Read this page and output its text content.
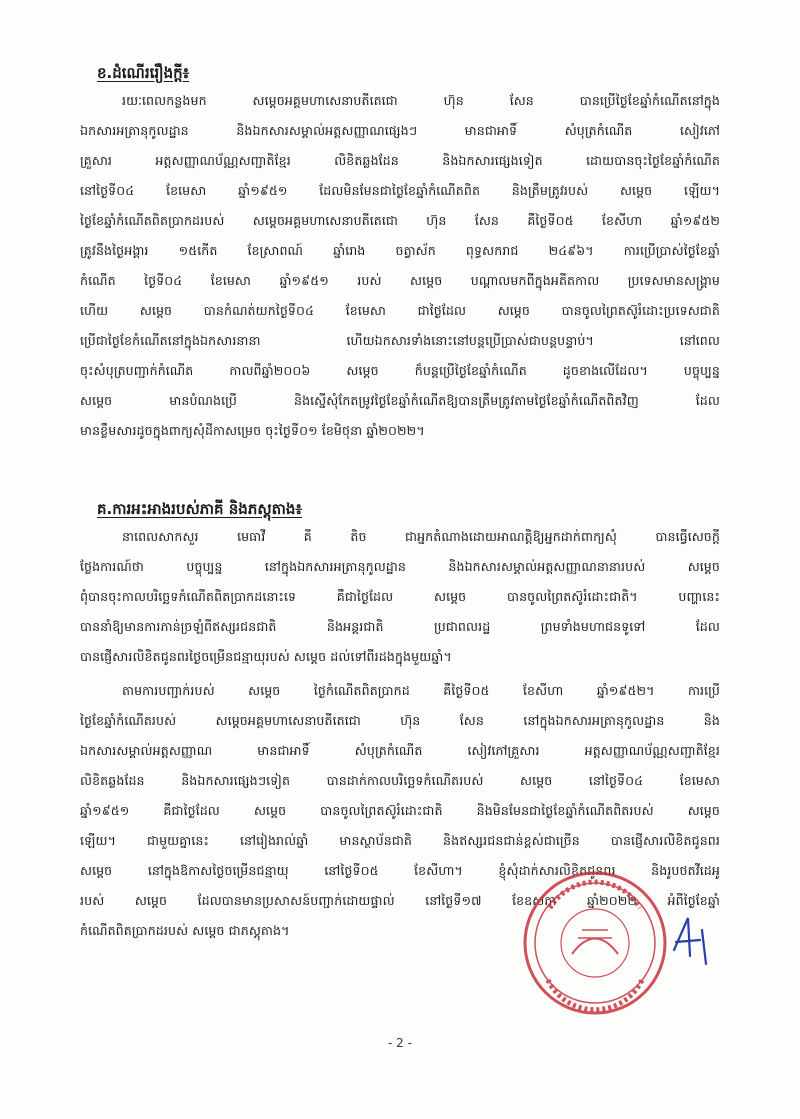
ខ.ដំណើររឿងក្តី៖
រយៈពេលកន្លងមក សម្តេចអគ្គមហាសេនាបតីតេជោ ហ៊ុន សែន បានប្រើថ្ងៃខែឆ្នាំកំណើតនៅក្នុង
ឯកសារអត្រានុកូលដ្ឋាន និងឯកសារសម្គាល់អត្តសញ្ញាណផ្សេងៗ មានជាអាទិ៍ សំបុត្រកំណើត សៀវភៅ
គ្រួសារ អត្តសញ្ញាណប័ណ្ណសញ្ជាតិខ្មែរ លិខិតឆ្លងដែន និងឯកសារផ្សេងទៀត ដោយបានចុះថ្ងៃខែឆ្នាំកំណើត
នៅថ្ងៃទី០៤ ខែមេសា ឆ្នាំ១៩៥១ ដែលមិនមែនជាថ្ងៃខែឆ្នាំកំណើតពិត និងត្រឹមត្រូវរបស់ សម្តេច ឡើយ។
ថ្ងៃខែឆ្នាំកំណើតពិតប្រាកដរបស់ សម្តេចអគ្គមហាសេនាបតីតេជោ ហ៊ុន សែន គឺថ្ងៃទី០៥ ខែសីហា ឆ្នាំ១៩៥២
ត្រូវនឹងថ្ងៃអង្គារ ១៥កើត ខែស្រាពណ៍ ឆ្នាំរោង ចត្វាស័ក ពុទ្ធសករាជ ២៤៩៦។ ការប្រើប្រាស់ថ្ងៃខែឆ្នាំ
កំណើត ថ្ងៃទី០៤ ខែមេសា ឆ្នាំ១៩៥១ របស់ សម្តេច បណ្តាលមកពីក្នុងអតីតកាល ប្រទេសមានសង្គ្រាម
ហើយ សម្តេច បានកំណត់យកថ្ងៃទី០៤ ខែមេសា ជាថ្ងៃដែល សម្តេច បានចូលព្រៃតស៊ូរំដោះប្រទេសជាតិ
ប្រើជាថ្ងៃខែកំណើតនៅក្នុងឯកសារនានា ហើយឯកសារទាំងនោះនៅបន្តប្រើប្រាស់ជាបន្តបន្ទាប់។ នៅពេល
ចុះសំបុត្របញ្ជាក់កំណើត កាលពីឆ្នាំ២០០៦ សម្តេច ក៏បន្តប្រើថ្ងៃខែឆ្នាំកំណើត ដូចខាងលើដែល។ បច្ចុប្បន្ន
សម្តេច មានបំណងប្រើ និងស្នើសុំកែតម្រូវថ្ងៃខែឆ្នាំកំណើតឱ្យបានត្រឹមត្រូវតាមថ្ងៃខែឆ្នាំកំណើតពិតវិញ ដែល
មានខ្លឹមសារដូចក្នុងពាក្យសុំដីកាសម្រេច ចុះថ្ងៃទី០១ ខែមិថុនា ឆ្នាំ២០២២។
គ.ការអះអាងរបស់ភាគី និងភស្តុតាង៖
នាពេលសាកសួរ មេធាវី គី តិច ជាអ្នកតំណាងដោយអាណត្តិឱ្យអ្នកដាក់ពាក្យសុំ បានធ្វើសេចក្តី
ថ្លែងការណ៍ថា បច្ចុប្បន្ន នៅក្នុងឯកសារអត្រានុកូលដ្ឋាន និងឯកសារសម្គាល់អត្តសញ្ញាណនានារបស់ សម្តេច
ពុំបានចុះកាលបរិច្ឆេទកំណើតពិតប្រាកដនោះទេ គឺជាថ្ងៃដែល សម្តេច បានចូលព្រៃតស៊ូរំដោះជាតិ។ បញ្ហានេះ
បាននាំឱ្យមានការភាន់ច្រឡំពីឥស្សរជនជាតិ និងអន្តរជាតិ ប្រជាពលរដ្ឋ ព្រមទាំងមហាជនទូទៅ ដែល
បានផ្ញើសារលិខិតជូនពរថ្ងៃចម្រើនជន្មាយុរបស់ សម្តេច ដល់ទៅពីរដងក្នុងមួយឆ្នាំ។
តាមការបញ្ជាក់របស់ សម្តេច ថ្ងៃកំណើតពិតប្រាកដ គឺថ្ងៃទី០៥ ខែសីហា ឆ្នាំ១៩៥២។ ការប្រើ
ថ្ងៃខែឆ្នាំកំណើតរបស់ សម្តេចអគ្គមហាសេនាបតីតេជោ ហ៊ុន សែន នៅក្នុងឯកសារអត្រានុកូលដ្ឋាន និង
ឯកសារសម្គាល់អត្តសញ្ញាណ មានជាអាទិ៍ សំបុត្រកំណើត សៀវភៅគ្រួសារ អត្តសញ្ញាណប័ណ្ណសញ្ជាតិខ្មែរ
លិខិតឆ្លងដែន និងឯកសារផ្សេងៗទៀត បានដាក់កាលបរិច្ឆេទកំណើតរបស់ សម្តេច នៅថ្ងៃទី០៤ ខែមេសា
ឆ្នាំ១៩៥១ គឺជាថ្ងៃដែល សម្តេច បានចូលព្រៃតស៊ូរំដោះជាតិ និងមិនមែនជាថ្ងៃខែឆ្នាំកំណើតពិតរបស់ សម្តេច
ឡើយ។ ជាមួយគ្នានេះ នៅរៀងរាល់ឆ្នាំ មានស្ថាប័នជាតិ និងឥស្សរជនជាន់ខ្ពស់ជាច្រើន បានផ្ញើសារលិខិតជូនពរ
សម្តេច នៅក្នុងឱកាសថ្ងៃចម្រើនជន្មាយុ នៅថ្ងៃទី០៥ ខែសីហា។ ខ្ញុំសុំដាក់សារលិខិតជូនពរ និងរូបថតវីដេអូ
របស់ សម្តេច ដែលបានមានប្រសាសន៍បញ្ជាក់ដោយផ្ទាល់ នៅថ្ងៃទី១៧ ខែឧសភា ឆ្នាំ២០២២ អំពីថ្ងៃខែឆ្នាំ
កំណើតពិតប្រាកដរបស់ សម្តេច ជាភស្តុតាង។
- 2 -
